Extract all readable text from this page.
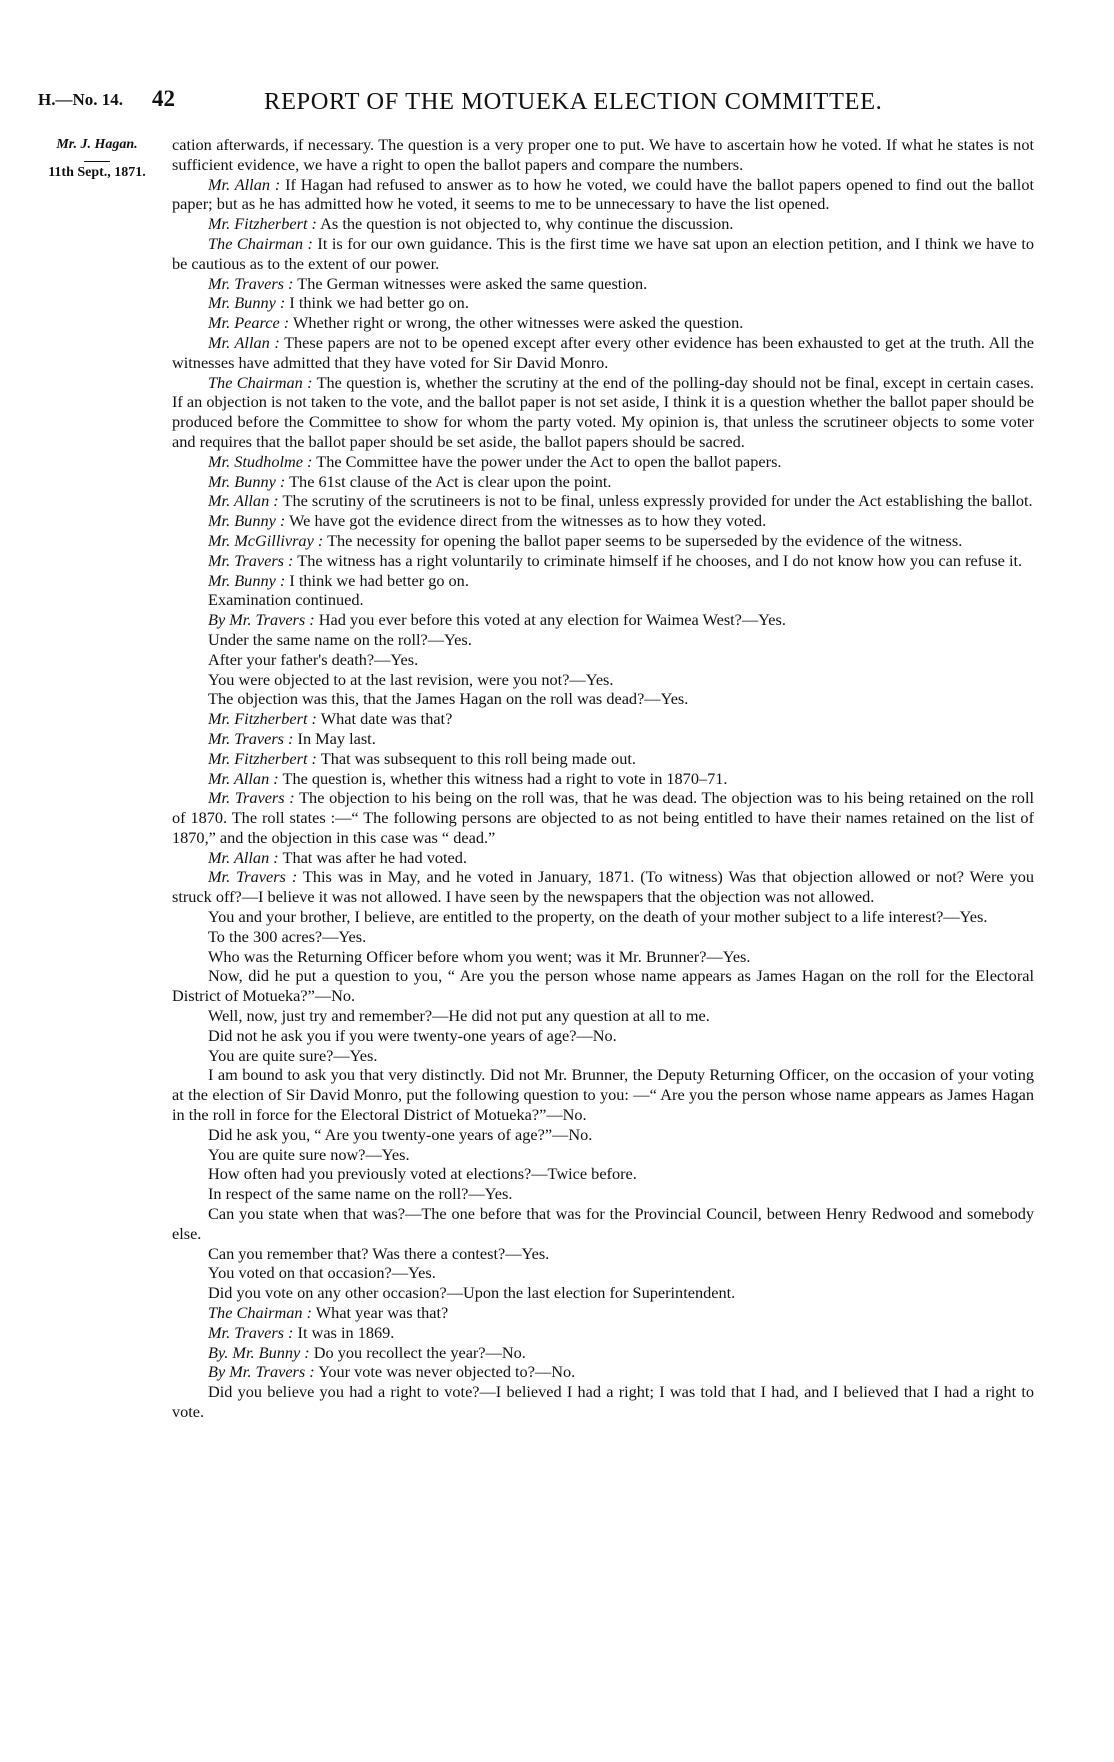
H.—No. 14. 42	REPORT OF THE MOTUEKA ELECTION COMMITTEE.
Mr. J. Hagan.
11th Sept., 1871.

cation afterwards, if necessary. The question is a very proper one to put. We have to ascertain how he voted. If what he states is not sufficient evidence, we have a right to open the ballot papers and compare the numbers.

Mr. Allan : If Hagan had refused to answer as to how he voted, we could have the ballot papers opened to find out the ballot paper; but as he has admitted how he voted, it seems to me to be unnecessary to have the list opened.

Mr. Fitzherbert : As the question is not objected to, why continue the discussion.

The Chairman : It is for our own guidance. This is the first time we have sat upon an election petition, and I think we have to be cautious as to the extent of our power.

Mr. Travers : The German witnesses were asked the same question.

Mr. Bunny : I think we had better go on.

Mr. Pearce : Whether right or wrong, the other witnesses were asked the question.

Mr. Allan : These papers are not to be opened except after every other evidence has been exhausted to get at the truth. All the witnesses have admitted that they have voted for Sir David Monro.

The Chairman : The question is, whether the scrutiny at the end of the polling-day should not be final, except in certain cases. If an objection is not taken to the vote, and the ballot paper is not set aside, I think it is a question whether the ballot paper should be produced before the Committee to show for whom the party voted. My opinion is, that unless the scrutineer objects to some voter and requires that the ballot paper should be set aside, the ballot papers should be sacred.

Mr. Studholme : The Committee have the power under the Act to open the ballot papers.

Mr. Bunny : The 61st clause of the Act is clear upon the point.

Mr. Allan : The scrutiny of the scrutineers is not to be final, unless expressly provided for under the Act establishing the ballot.

Mr. Bunny : We have got the evidence direct from the witnesses as to how they voted.

Mr. McGillivray : The necessity for opening the ballot paper seems to be superseded by the evidence of the witness.

Mr. Travers : The witness has a right voluntarily to criminate himself if he chooses, and I do not know how you can refuse it.

Mr. Bunny : I think we had better go on.

Examination continued.

By Mr. Travers : Had you ever before this voted at any election for Waimea West?—Yes.

Under the same name on the roll?—Yes.

After your father's death?—Yes.

You were objected to at the last revision, were you not?—Yes.

The objection was this, that the James Hagan on the roll was dead?—Yes.

Mr. Fitzherbert : What date was that?

Mr. Travers : In May last.

Mr. Fitzherbert : That was subsequent to this roll being made out.

Mr. Allan : The question is, whether this witness had a right to vote in 1870–71.

Mr. Travers : The objection to his being on the roll was, that he was dead. The objection was to his being retained on the roll of 1870. The roll states :—“ The following persons are objected to as not being entitled to have their names retained on the list of 1870,” and the objection in this case was “ dead.”

Mr. Allan : That was after he had voted.

Mr. Travers : This was in May, and he voted in January, 1871. (To witness) Was that objection allowed or not? Were you struck off?—I believe it was not allowed. I have seen by the newspapers that the objection was not allowed.

You and your brother, I believe, are entitled to the property, on the death of your mother subject to a life interest?—Yes.

To the 300 acres?—Yes.

Who was the Returning Officer before whom you went; was it Mr. Brunner?—Yes.

Now, did he put a question to you, “ Are you the person whose name appears as James Hagan on the roll for the Electoral District of Motueka?”—No.

Well, now, just try and remember?—He did not put any question at all to me.

Did not he ask you if you were twenty-one years of age?—No.

You are quite sure?—Yes.

I am bound to ask you that very distinctly. Did not Mr. Brunner, the Deputy Returning Officer, on the occasion of your voting at the election of Sir David Monro, put the following question to you: —“ Are you the person whose name appears as James Hagan in the roll in force for the Electoral District of Motueka?”—No.

Did he ask you, “ Are you twenty-one years of age?”—No.

You are quite sure now?—Yes.

How often had you previously voted at elections?—Twice before.

In respect of the same name on the roll?—Yes.

Can you state when that was?—The one before that was for the Provincial Council, between Henry Redwood and somebody else.

Can you remember that? Was there a contest?—Yes.

You voted on that occasion?—Yes.

Did you vote on any other occasion?—Upon the last election for Superintendent.

The Chairman : What year was that?

Mr. Travers : It was in 1869.

By. Mr. Bunny : Do you recollect the year?—No.

By Mr. Travers : Your vote was never objected to?—No.

Did you believe you had a right to vote?—I believed I had a right; I was told that I had, and I believed that I had a right to vote.
